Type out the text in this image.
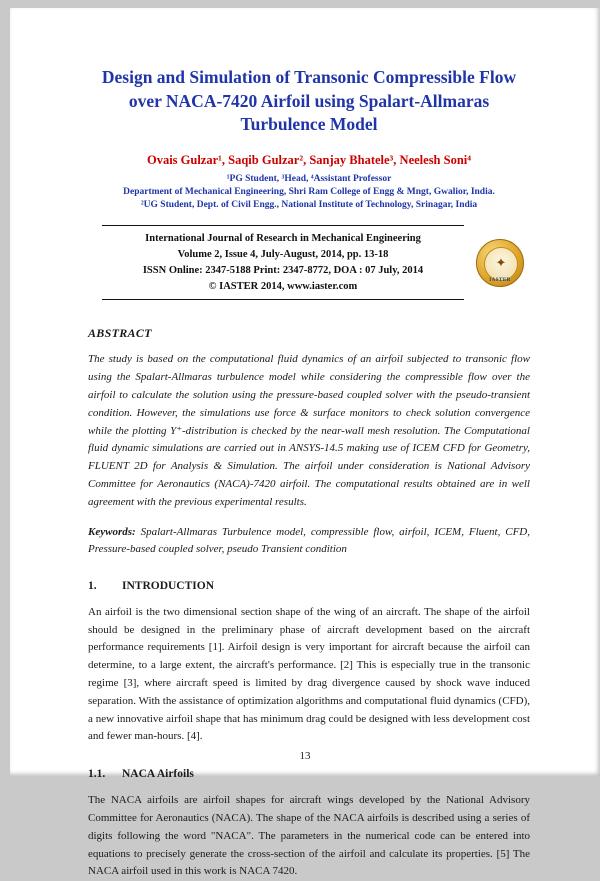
Design and Simulation of Transonic Compressible Flow over NACA-7420 Airfoil using Spalart-Allmaras Turbulence Model
Ovais Gulzar¹, Saqib Gulzar², Sanjay Bhatele³, Neelesh Soni⁴
¹PG Student, ³Head, ⁴Assistant Professor
Department of Mechanical Engineering, Shri Ram College of Engg & Mngt, Gwalior, India.
²UG Student, Dept. of Civil Engg., National Institute of Technology, Srinagar, India
International Journal of Research in Mechanical Engineering
Volume 2, Issue 4, July-August, 2014, pp. 13-18
ISSN Online: 2347-5188 Print: 2347-8772, DOA : 07 July, 2014
© IASTER 2014, www.iaster.com
✦
IASTER
ABSTRACT

The study is based on the computational fluid dynamics of an airfoil subjected to transonic flow using the Spalart-Allmaras turbulence model while considering the compressible flow over the airfoil to calculate the solution using the pressure-based coupled solver with the pseudo-transient condition. However, the simulations use force & surface monitors to check solution convergence while the plotting Y⁺-distribution is checked by the near-wall mesh resolution. The Computational fluid dynamic simulations are carried out in ANSYS-14.5 making use of ICEM CFD for Geometry, FLUENT 2D for Analysis & Simulation. The airfoil under consideration is National Advisory Committee for Aeronautics (NACA)-7420 airfoil. The computational results obtained are in well agreement with the previous experimental results.

Keywords: Spalart-Allmaras Turbulence model, compressible flow, airfoil, ICEM, Fluent, CFD, Pressure-based coupled solver, pseudo Transient condition

1. INTRODUCTION

An airfoil is the two dimensional section shape of the wing of an aircraft. The shape of the airfoil should be designed in the preliminary phase of aircraft development based on the aircraft performance requirements [1]. Airfoil design is very important for aircraft because the airfoil can determine, to a large extent, the aircraft's performance. [2] This is especially true in the transonic regime [3], where aircraft speed is limited by drag divergence caused by shock wave induced separation. With the assistance of optimization algorithms and computational fluid dynamics (CFD), a new innovative airfoil shape that has minimum drag could be designed with less development cost and fewer man-hours. [4].

1.1. NACA Airfoils

The NACA airfoils are airfoil shapes for aircraft wings developed by the National Advisory Committee for Aeronautics (NACA). The shape of the NACA airfoils is described using a series of digits following the word "NACA". The parameters in the numerical code can be entered into equations to precisely generate the cross-section of the airfoil and calculate its properties. [5] The NACA airfoil used in this work is NACA 7420.

13
